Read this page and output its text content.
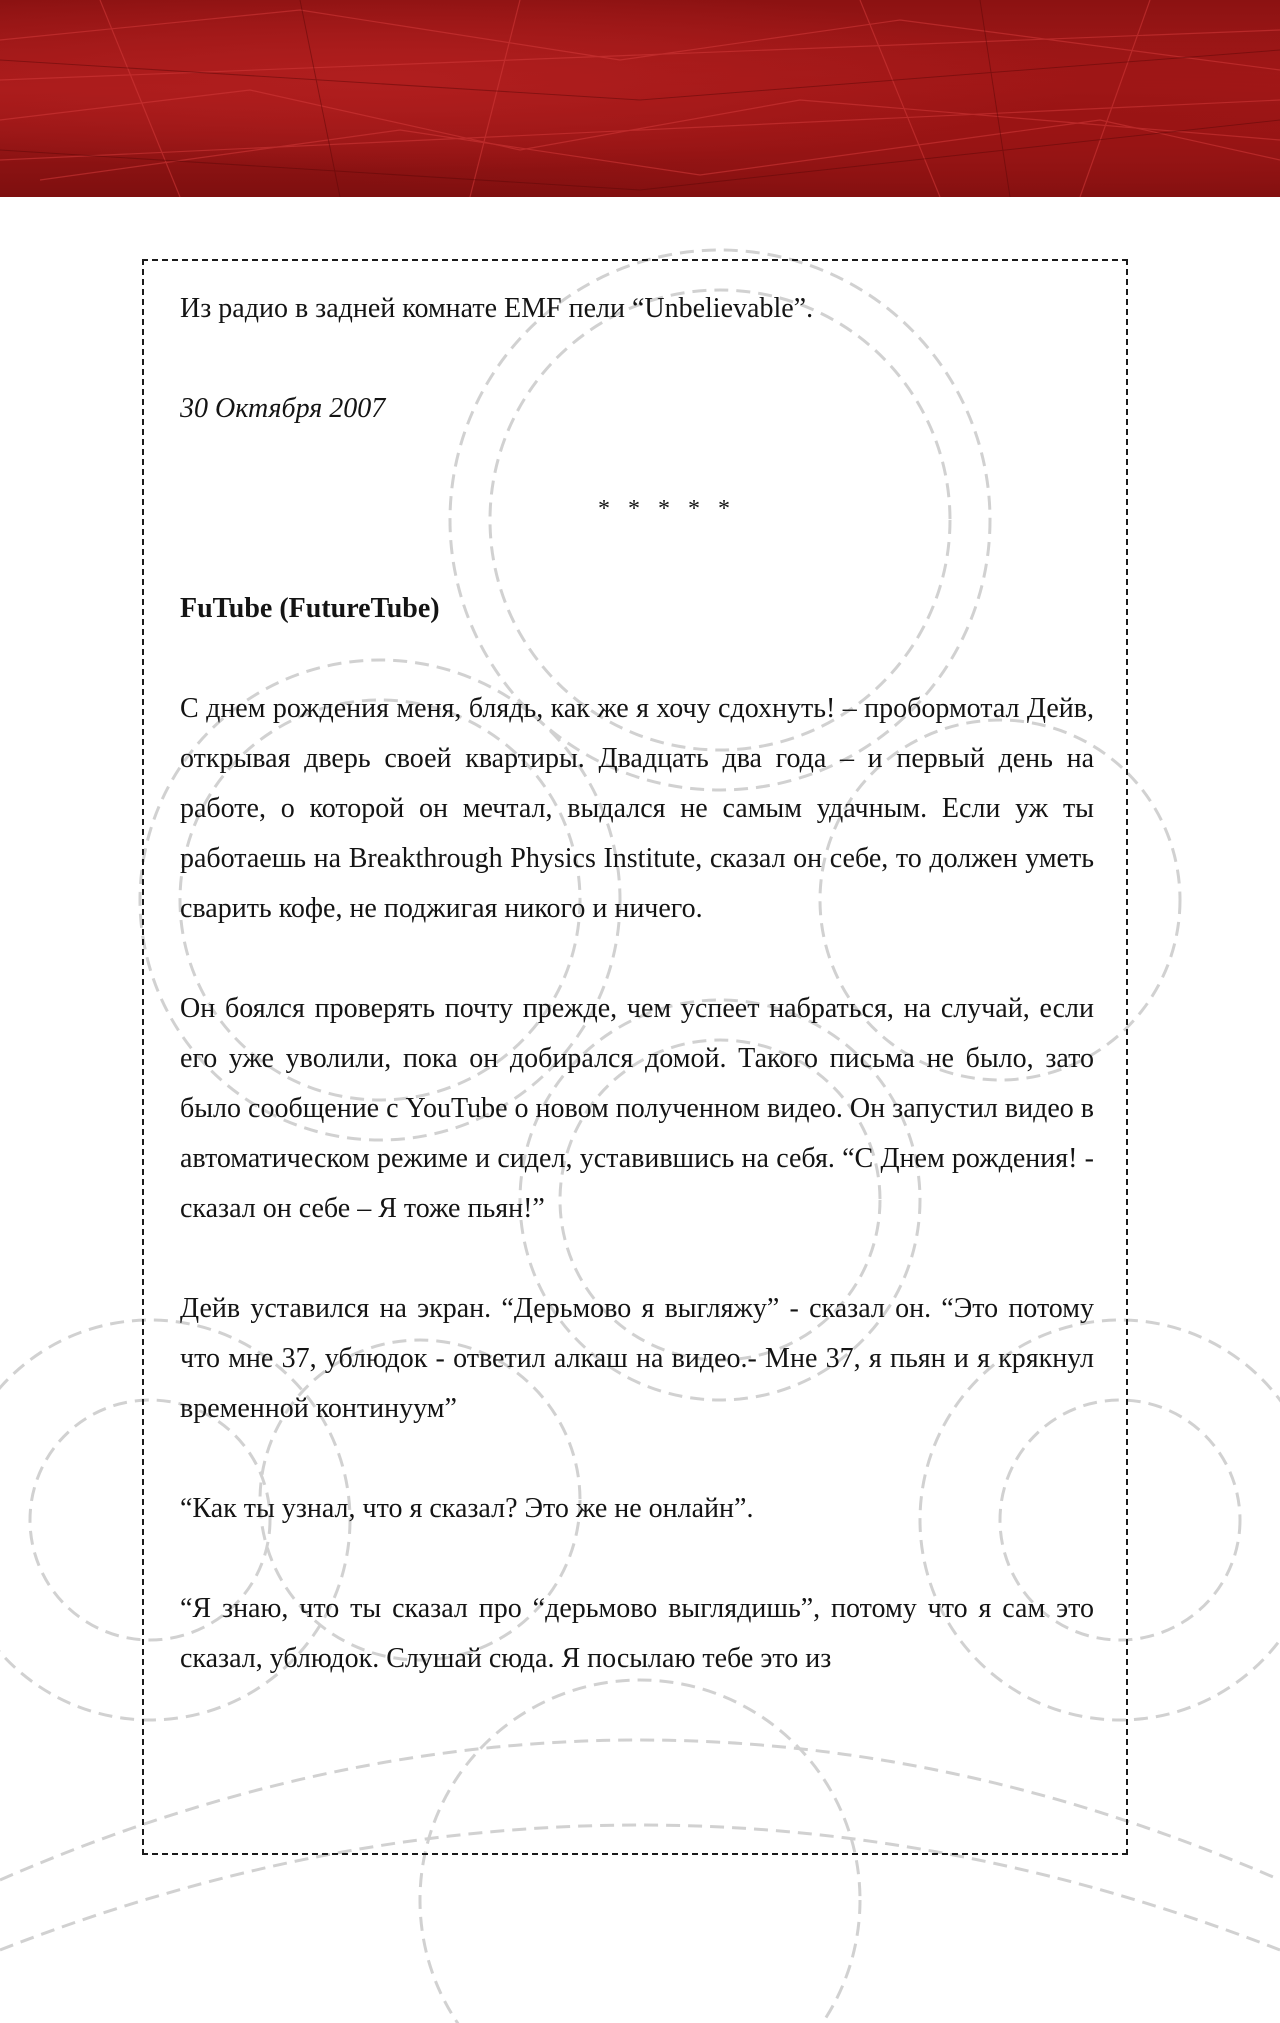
Из радио в задней комнате EMF пели “Unbelievable”.
30 Октября 2007
* * * * *
FuTube (FutureTube)

С днем рождения меня, блядь, как же я хочу сдохнуть! – пробормотал Дейв, открывая дверь своей квартиры. Двадцать два года – и первый день на работе, о которой он мечтал, выдался не самым удачным. Если уж ты работаешь на Breakthrough Physics Institute, сказал он себе, то должен уметь сварить кофе, не поджигая никого и ничего.

Он боялся проверять почту прежде, чем успеет набраться, на случай, если его уже уволили, пока он добирался домой. Такого письма не было, зато было сообщение с YouTube о новом полученном видео. Он запустил видео в автоматическом режиме и сидел, уставившись на себя. “С Днем рождения! - сказал он себе – Я тоже пьян!”

Дейв уставился на экран. “Дерьмово я выгляжу” - сказал он. “Это потому что мне 37, ублюдок - ответил алкаш на видео.- Мне 37, я пьян и я крякнул временной континуум”

“Как ты узнал, что я сказал? Это же не онлайн”.

“Я знаю, что ты сказал про “дерьмово выглядишь”, потому что я сам это сказал, ублюдок. Слушай сюда. Я посылаю тебе это из
